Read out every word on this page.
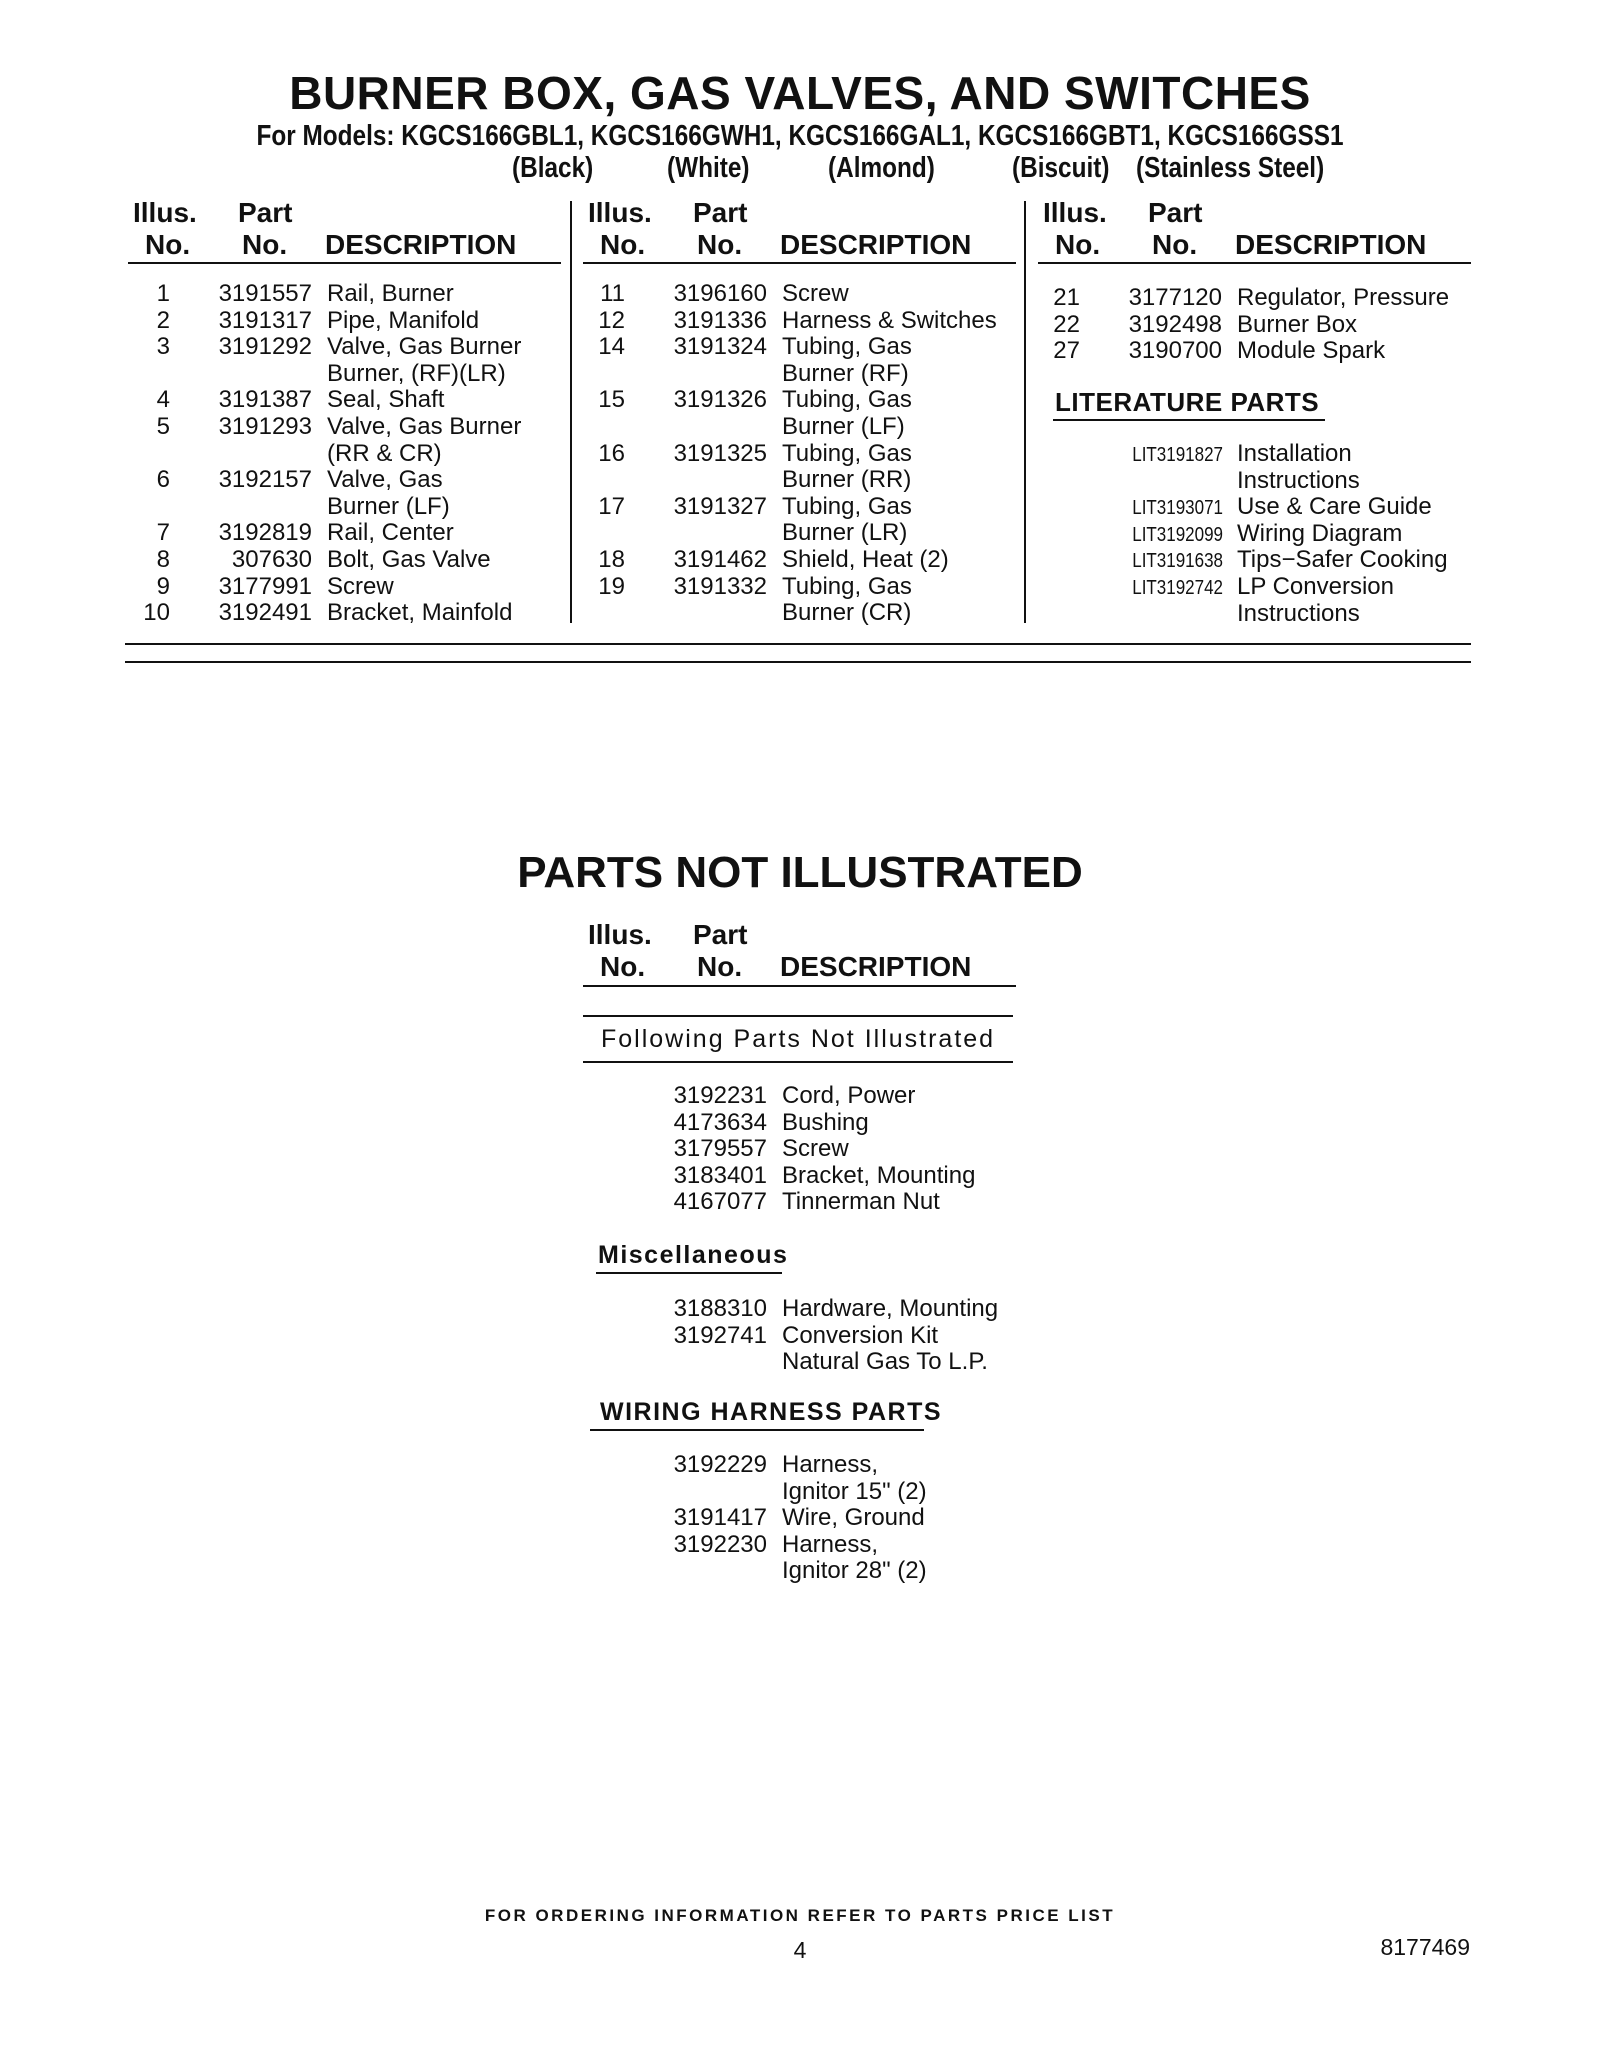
BURNER BOX, GAS VALVES, AND SWITCHES
For Models: KGCS166GBL1, KGCS166GWH1, KGCS166GAL1, KGCS166GBT1, KGCS166GSS1
(Black)	(White)	(Almond)	(Biscuit) (Stainless Steel)
Illus.
No.
Part
No. DESCRIPTION
Illus.
No.
Part
No. DESCRIPTION
Illus.
No.
Part
No. DESCRIPTION
1	3191557 Rail, Burner
2	3191317 Pipe, Manifold
3	3191292 Valve, Gas Burner
Burner, (RF)(LR)
4	3191387 Seal, Shaft
5	3191293 Valve, Gas Burner
(RR & CR)
6	3192157 Valve, Gas
Burner (LF)
7	3192819 Rail, Center
8	307630 Bolt, Gas Valve
9	3177991 Screw
10	3192491 Bracket, Mainfold
11	3196160 Screw
12	3191336 Harness & Switches
14	3191324 Tubing, Gas
Burner (RF)
15	3191326 Tubing, Gas
Burner (LF)
16	3191325 Tubing, Gas
Burner (RR)
17	3191327 Tubing, Gas
Burner (LR)
18	3191462 Shield, Heat (2)
19	3191332 Tubing, Gas
Burner (CR)
21	3177120 Regulator, Pressure
22	3192498 Burner Box
27	3190700 Module Spark
LITERATURE PARTS
LIT3191827 Installation
Instructions
LIT3193071 Use & Care Guide
LIT3192099 Wiring Diagram
LIT3191638 Tips−Safer Cooking
LIT3192742 LP Conversion
Instructions
PARTS NOT ILLUSTRATED
Illus.
No.
Part
No. DESCRIPTION
Following Parts Not Illustrated
3192231 Cord, Power
4173634 Bushing
3179557 Screw
3183401 Bracket, Mounting
4167077 Tinnerman Nut
Miscellaneous
3188310 Hardware, Mounting
3192741 Conversion Kit
Natural Gas To L.P.
WIRING HARNESS PARTS
3192229 Harness,
Ignitor 15" (2)
3191417 Wire, Ground
3192230 Harness,
Ignitor 28" (2)
FOR ORDERING INFORMATION REFER TO PARTS PRICE LIST
4	8177469
